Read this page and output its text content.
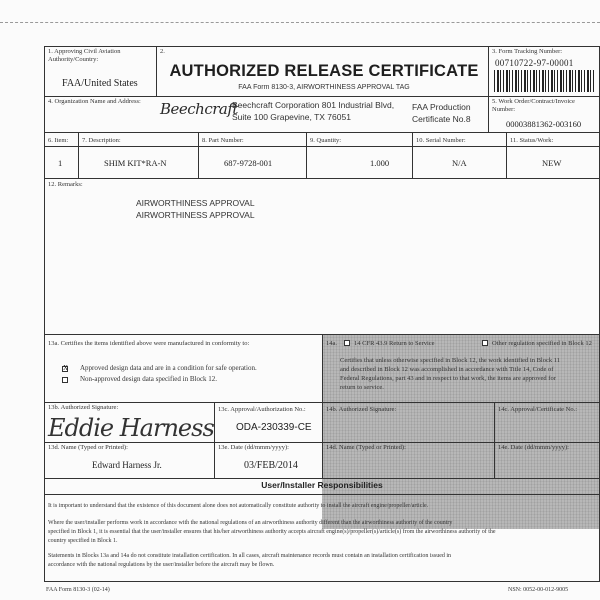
1. Approving Civil Aviation Authority/Country:
FAA/United States
2.
AUTHORIZED RELEASE CERTIFICATE
FAA Form 8130-3, AIRWORTHINESS APPROVAL TAG
3. Form Tracking Number:
00710722-97-00001
4. Organization Name and Address: Beechcraft
Beechcraft Corporation 801 Industrial Blvd,
Suite 100 Grapevine, TX 76051
FAA Production
Certificate No.8
5. Work Order/Contract/Invoice Number:
00003881362-003160
6. Item: 7. Description:	8. Part Number:	9. Quantity:	10. Serial Number:	11. Status/Work:
1	SHIM KIT*RA-N	687-9728-001	1.000	N/A	NEW
12. Remarks:
AIRWORTHINESS APPROVAL
AIRWORTHINESS APPROVAL
13a. Certifies the items identified above were manufactured in conformity to:
X Approved design data and are in a condition for safe operation.
Non-approved design data specified in Block 12.
14a.	14 CFR 43.9 Return to Service	Other regulation specified in Block 12
Certifies that unless otherwise specified in Block 12, the work identified in Block 11
and described in Block 12 was accomplished in accordance with Title 14, Code of
Federal Regulations, part 43 and in respect to that work, the items are approved for
return to service.
13b. Authorized Signature:
Eddie Harness
13c. Approval/Authorization No.:
ODA-230339-CE
14b. Authorized Signature:	14c. Approval/Certificate No.:
13d. Name (Typed or Printed):
Edward Harness Jr.
13e. Date (dd/mmm/yyyy):
03/FEB/2014
14d. Name (Typed or Printed):	14e. Date (dd/mmm/yyyy):
User/Installer Responsibilities
It is important to understand that the existence of this document alone does not automatically constitute authority to install the aircraft engine/propeller/article.
Where the user/installer performs work in accordance with the national regulations of an airworthiness authority different than the airworthiness authority of the country
specified in Block 1, it is essential that the user/installer ensures that his/her airworthiness authority accepts aircraft engine(s)/propeller(s)/article(s) from the airworthiness authority of the
country specified in Block 1.
Statements in Blocks 13a and 14a do not constitute installation certification. In all cases, aircraft maintenance records must contain an installation certification issued in
accordance with the national regulations by the user/installer before the aircraft may be flown.
FAA Form 8130-3 (02-14)	NSN: 0052-00-012-9005
